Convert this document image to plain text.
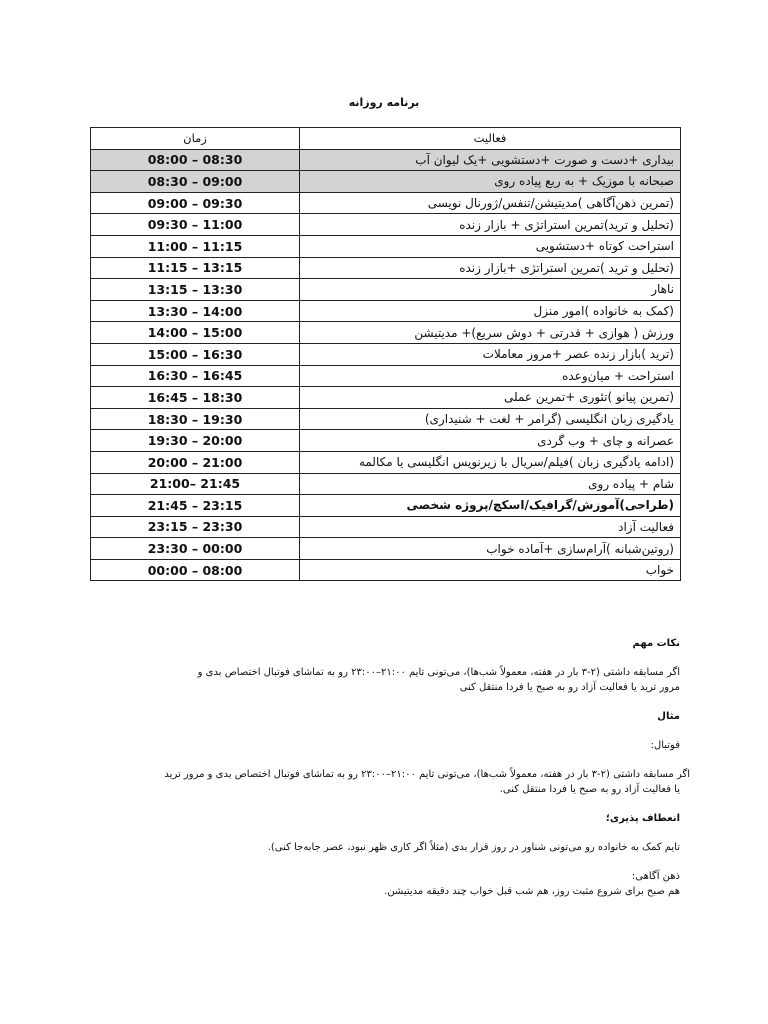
برنامه روزانه
زمان	فعالیت
08:00 – 08:30	بیداری +دست و صورت +دستشویی +یک لیوان آب
08:30 – 09:00	صبحانه با موزیک + به ربع پیاده روی
09:00 – 09:30	(تمرین ذهن‌آگاهی )مدیتیشن/تنفس/ژورنال نویسی
09:30 – 11:00	(تحلیل و ترید)تمرین استراتژی + بازار زنده
11:00 – 11:15	استراحت کوتاه +دستشویی
11:15 – 13:15	(تحلیل و ترید )تمرین استراتژی +بازار زنده
13:15 – 13:30	ناهار
13:30 – 14:00	(کمک به خانواده )امور منزل
14:00 – 15:00	ورزش ( هوازی + قدرتی + دوش سریع)+ مدیتیشن
15:00 – 16:30	(ترید )بازار زنده عصر +مرور معاملات
16:30 – 16:45	استراحت + میان‌وعده
16:45 – 18:30	(تمرین پیانو )تئوری +تمرین عملی
18:30 – 19:30	یادگیری زبان انگلیسی (گرامر + لغت + شنیداری)
19:30 – 20:00	عصرانه و چای + وب گردی
20:00 – 21:00	(ادامه یادگیری زبان )فیلم/سریال با زیرنویس انگلیسی یا مکالمه
21:00– 21:45	شام + پیاده روی
21:45 – 23:15	(طراحی)آموزش/گرافیک/اسکچ/پروژه شخصی
23:15 – 23:30	فعالیت آزاد
23:30 – 00:00	(روتین‌شبانه )آرام‌سازی +آماده خواب
00:00 – 08:00	خواب

نکات مهم

اگر مسابقه داشتی (۲-۳ بار در هفته، معمولاً شب‌ها)، می‌تونی تایم ۲۱:۰۰–۲۳:۰۰ رو به تماشای فوتبال اختصاص بدی و

مرور ترید یا فعالیت آزاد رو به صبح یا فردا منتقل کنی

مثال

فوتبال:

اگر مسابقه داشتی (۲-۳ بار در هفته، معمولاً شب‌ها)، می‌تونی تایم ۲۱:۰۰–۲۳:۰۰ رو به تماشای فوتبال اختصاص بدی و مرور ترید

یا فعالیت آزاد رو به صبح یا فردا منتقل کنی.

انعطاف پذیری؛

تایم کمک به خانواده رو می‌تونی شناور در روز قرار بدی (مثلاً اگر کاری ظهر نبود، عصر جابه‌جا کنی).

ذهن آگاهی:

هم صبح برای شروع مثبت روز، هم شب قبل خواب چند دقیقه مدیتیشن.
